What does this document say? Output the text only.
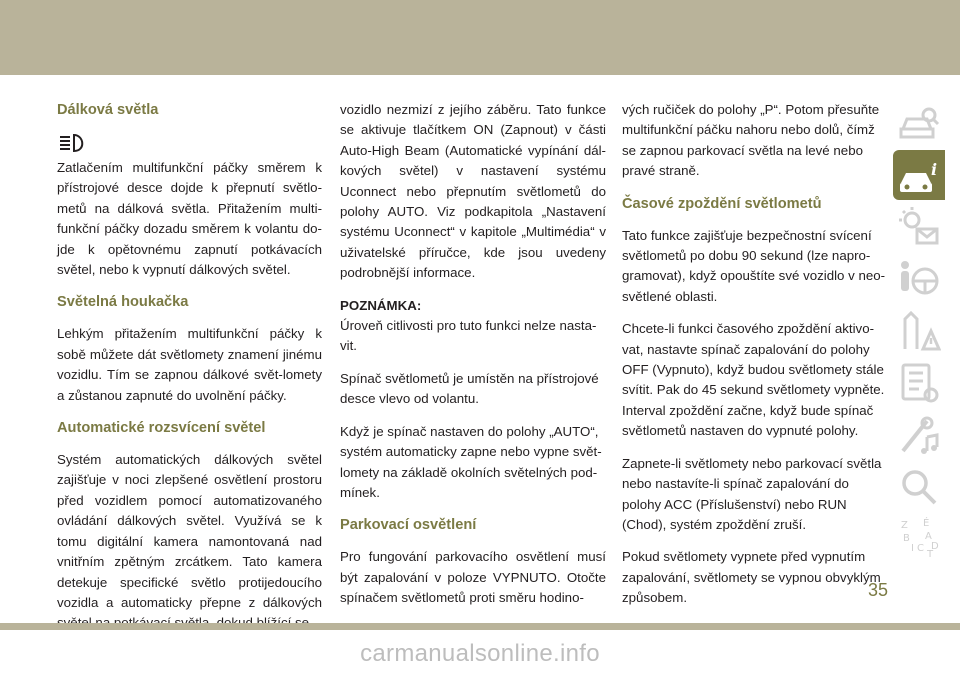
Dálková světla

Zatlačením multifunkční páčky směrem k přístrojové desce dojde k přepnutí světlo-metů na dálková světla. Přitažením multi-funkční páčky dozadu směrem k volantu do-jde k opětovnému zapnutí potkávacích světel, nebo k vypnutí dálkových světel.

Světelná houkačka

Lehkým přitažením multifunkční páčky k sobě můžete dát světlomety znamení jinému vozidlu. Tím se zapnou dálkové svět-lomety a zůstanou zapnuté do uvolnění páčky.

Automatické rozsvícení světel

Systém automatických dálkových světel zajišťuje v noci zlepšené osvětlení prostoru před vozidlem pomocí automatizovaného ovládání dálkových světel. Využívá se k tomu digitální kamera namontovaná nad vnitřním zpětným zrcátkem. Tato kamera detekuje specifické světlo protijedoucího vozidla a automaticky přepne z dálkových

vozidlo nezmizí z jejího záběru. Tato funkce se aktivuje tlačítkem ON (Zapnout) v části Auto-High Beam (Automatické vypínání dál-kových světel) v nastavení systému Uconnect nebo přepnutím světlometů do polohy AUTO. Viz podkapitola „Nastavení systému Uconnect“ v kapitole „Multimédia“ v uživatelské příručce, kde jsou uvedeny podrobnější informace.

POZNÁMKA:

Úroveň citlivosti pro tuto funkci nelze nasta-vit.

Spínač světlometů je umístěn na přístrojové desce vlevo od volantu.

Když je spínač nastaven do polohy „AUTO“, systém automaticky zapne nebo vypne svět-lomety na základě okolních světelných pod-mínek.

Parkovací osvětlení

Pro fungování parkovacího osvětlení musí být zapalování v poloze VYPNUTO. Otočte spínačem světlometů proti směru hodino-

vých ručiček do polohy „P“. Potom přesuňte multifunkční páčku nahoru nebo dolů, čímž se zapnou parkovací světla na levé nebo pravé straně.

Časové zpoždění světlometů

Tato funkce zajišťuje bezpečnostní svícení světlometů po dobu 90 sekund (lze napro-gramovat), když opouštíte své vozidlo v neo-světlené oblasti.

Chcete-li funkci časového zpoždění aktivo-vat, nastavte spínač zapalování do polohy OFF (Vypnuto), když budou světlomety stále svítit. Pak do 45 sekund světlomety vypněte. Interval zpoždění začne, když bude spínač světlometů nastaven do vypnuté polohy.

Zapnete-li světlomety nebo parkovací světla nebo nastavíte-li spínač zapalování do polohy ACC (Příslušenství) nebo RUN (Chod), systém zpoždění zruší.

Pokud světlomety vypnete před vypnutím zapalování, světlomety se vypnou obvyklým způsobem.

i
Z É
B A
I C
T
D
35
carmanualsonline.info
